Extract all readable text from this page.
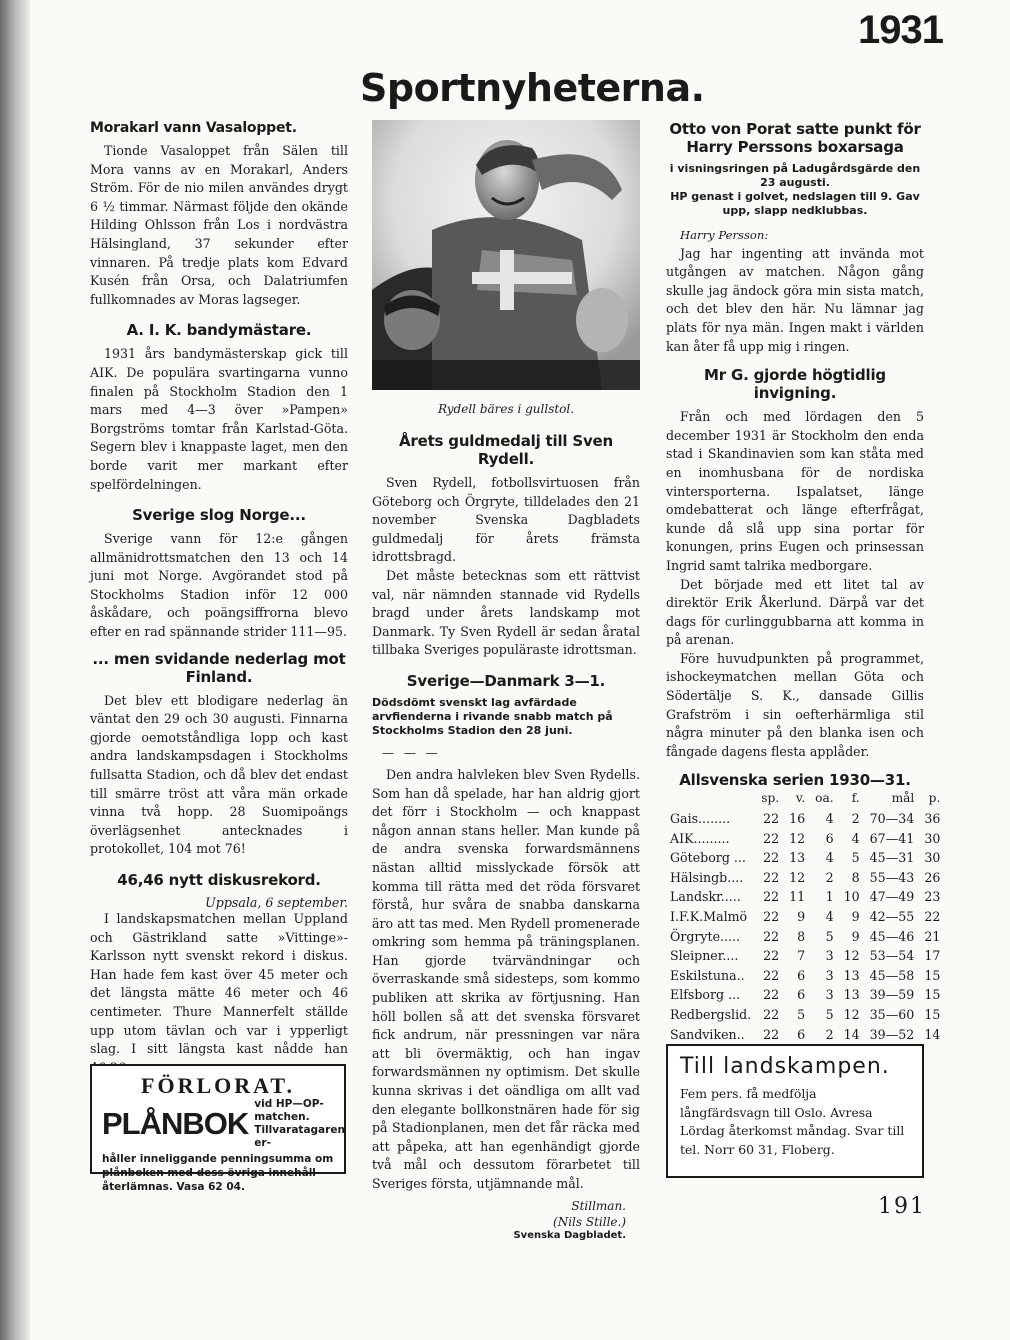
1931
Sportnyheterna.
Morakarl vann Vasaloppet.

Tionde Vasaloppet från Sälen till Mora vanns av en Morakarl, Anders Ström. För de nio milen användes drygt 6 ½ timmar. Närmast följde den okände Hilding Ohlsson från Los i nordvästra Hälsingland, 37 sekunder efter vinnaren. På tredje plats kom Edvard Kusén från Orsa, och Dalatriumfen fullkomnades av Moras lagseger.

A. I. K. bandymästare.

1931 års bandymästerskap gick till AIK. De populära svartingarna vunno finalen på Stockholm Stadion den 1 mars med 4—3 över »Pampen» Borgströms tomtar från Karlstad-Göta. Segern blev i knappaste laget, men den borde varit mer markant efter spelfördelningen.

Sverige slog Norge...

Sverige vann för 12:e gången allmänidrottsmatchen den 13 och 14 juni mot Norge. Avgörandet stod på Stockholms Stadion inför 12 000 åskådare, och poängsiffrorna blevo efter en rad spännande strider 111—95.

... men svidande nederlag mot Finland.

Det blev ett blodigare nederlag än väntat den 29 och 30 augusti. Finnarna gjorde oemotståndliga lopp och kast andra landskampsdagen i Stockholms fullsatta Stadion, och då blev det endast till smärre tröst att våra män orkade vinna två hopp. 28 Suomipoängs överlägsenhet antecknades i protokollet, 104 mot 76!

46,46 nytt diskusrekord.

Uppsala, 6 september.

I landskapsmatchen mellan Uppland och Gästrikland satte »Vittinge»-Karlsson nytt svenskt rekord i diskus. Han hade fem kast över 45 meter och det längsta mätte 46 meter och 46 centimeter. Thure Mannerfelt ställde upp utom tävlan och var i ypperligt slag. I sitt längsta kast nådde han

FÖRLORAT.

PLÅNBOK
vid HP—OP-matchen. Tillvaratagaren er-

håller inneliggande penningsumma om plånboken med dess övriga innehåll återlämnas. Vasa 62 04.

Rydell bäres i gullstol.

Årets guldmedalj till Sven Rydell.

Sven Rydell, fotbollsvirtuosen från Göteborg och Örgryte, tilldelades den 21 november Svenska Dagbladets guldmedalj för årets främsta idrottsbragd.

Det måste betecknas som ett rättvist val, när nämnden stannade vid Rydells bragd under årets landskamp mot Danmark. Ty Sven Rydell är sedan åratal tillbaka Sveriges populäraste idrottsman.

Sverige—Danmark 3—1.

Dödsdömt svenskt lag avfärdade arvfienderna i rivande snabb match på Stockholms Stadion den 28 juni.

— — —

Den andra halvleken blev Sven Rydells. Som han då spelade, har han aldrig gjort det förr i Stockholm — och knappast någon annan stans heller. Man kunde på de andra svenska forwardsmännens nästan alltid misslyckade försök att komma till rätta med det röda försvaret förstå, hur svåra de snabba danskarna äro att tas med. Men Rydell promenerade omkring som hemma på träningsplanen. Han gjorde tvärvändningar och överraskande små sidesteps, som kommo publiken att skrika av förtjusning. Han höll bollen så att det svenska försvaret fick andrum, när pressningen var nära att bli övermäktig, och han ingav forwardsmännen ny optimism. Det skulle kunna skrivas i det oändliga om allt vad den elegante bollkonstnären hade för sig på Stadionplanen, men det får räcka med att påpeka, att han egenhändigt gjorde två mål och dessutom förarbetet till Sveriges första, utjämnande mål.

Stillman.

(Nils Stille.)

Svenska Dagbladet.

Otto von Porat satte punkt för Harry Perssons boxarsaga

i visningsringen på Ladugårdsgärde den 23 augusti.

HP genast i golvet, nedslagen till 9. Gav upp, slapp nedklubbas.

Harry Persson:

Jag har ingenting att invända mot utgången av matchen. Någon gång skulle jag ändock göra min sista match, och det blev den här. Nu lämnar jag plats för nya män. Ingen makt i världen kan åter få upp mig i ringen.

Mr G. gjorde högtidlig invigning.

Från och med lördagen den 5 december 1931 är Stockholm den enda stad i Skandinavien som kan ståta med en inomhusbana för de nordiska vintersporterna. Ispalatset, länge omdebatterat och länge efterfrågat, kunde då slå upp sina portar för konungen, prins Eugen och prinsessan Ingrid samt talrika medborgare.

Det började med ett litet tal av direktör Erik Åkerlund. Därpå var det dags för curlinggubbarna att komma in på arenan.

Före huvudpunkten på programmet, ishockeymatchen mellan Göta och Södertälje S. K., dansade Gillis Grafström i sin oefterhärmliga stil några minuter på den blanka isen och fångade dagens flesta applåder.

Allsvenska serien 1930—31.
	sp.	v.	oa.	f.	mål	p.
Gais........	22	16	4	2	70—34	36
AIK.........	22	12	6	4	67—41	30
Göteborg ...	22	13	4	5	45—31	30
Hälsingb....	22	12	2	8	55—43	26
Landskr.....	22	11	1	10	47—49	23
I.F.K.Malmö	22	9	4	9	42—55	22
Örgryte.....	22	8	5	9	45—46	21
Sleipner....	22	7	3	12	53—54	17
Eskilstuna..	22	6	3	13	45—58	15
Elfsborg ...	22	6	3	13	39—59	15
Redbergslid.	22	5	5	12	35—60	15
Sandviken..	22	6	2	14	39—52	14

Till landskampen.

Fem pers. få medfölja långfärdsvagn till Oslo. Avresa Lördag återkomst måndag. Svar till tel. Norr 60 31, Floberg.

191
